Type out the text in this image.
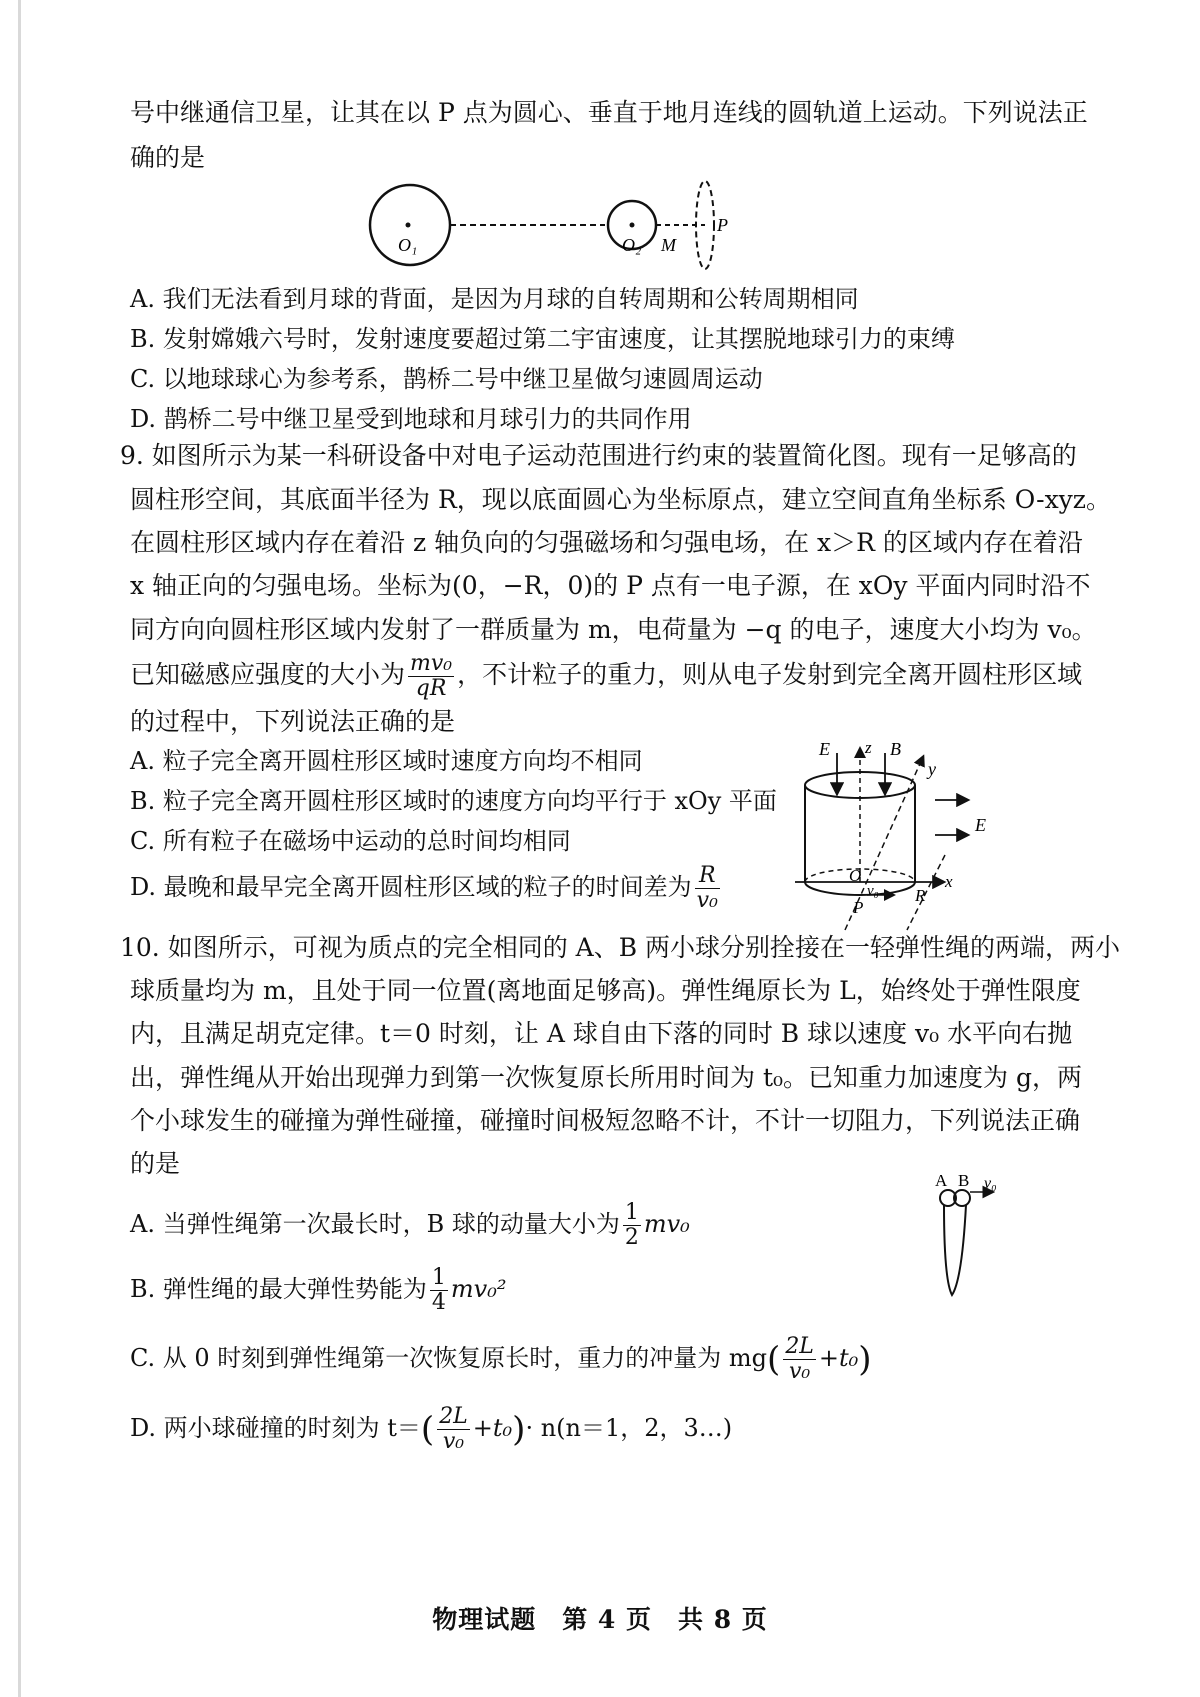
号中继通信卫星，让其在以 P 点为圆心、垂直于地月连线的圆轨道上运动。下列说法正
确的是
O₁	O₂ M
P
A. 我们无法看到月球的背面，是因为月球的自转周期和公转周期相同
B. 发射嫦娥六号时，发射速度要超过第二宇宙速度，让其摆脱地球引力的束缚
C. 以地球球心为参考系，鹊桥二号中继卫星做匀速圆周运动
D. 鹊桥二号中继卫星受到地球和月球引力的共同作用
9. 如图所示为某一科研设备中对电子运动范围进行约束的装置简化图。现有一足够高的
圆柱形空间，其底面半径为 R，现以底面圆心为坐标原点，建立空间直角坐标系 O-xyz。
在圆柱形区域内存在着沿 z 轴负向的匀强磁场和匀强电场，在 x＞R 的区域内存在着沿
x 轴正向的匀强电场。坐标为(0，−R，0)的 P 点有一电子源，在 xOy 平面内同时沿不
同方向向圆柱形区域内发射了一群质量为 m，电荷量为 −q 的电子，速度大小均为 v₀。
已知磁感应强度的大小为 $\frac{\text{mv₀}}{qR}$ ，不计粒子的重力，则从电子发射到完全离开圆柱形区域
的过程中，下列说法正确的是
A. 粒子完全离开圆柱形区域时速度方向均不相同
B. 粒子完全离开圆柱形区域时的速度方向均平行于 xOy 平面
C. 所有粒子在磁场中运动的总时间均相同
D. 最晚和最早完全离开圆柱形区域的粒子的时间差为 $\frac{R}{\text{v₀}}$
E z B
y
E
O
v₀	x
P
R
10. 如图所示，可视为质点的完全相同的 A、B 两小球分别拴接在一轻弹性绳的两端，两小
球质量均为 m，且处于同一位置(离地面足够高)。弹性绳原长为 L，始终处于弹性限度
内，且满足胡克定律。t＝0 时刻，让 A 球自由下落的同时 B 球以速度 v₀ 水平向右抛
出，弹性绳从开始出现弹力到第一次恢复原长所用时间为 t₀。已知重力加速度为 g，两
个小球发生的碰撞为弹性碰撞，碰撞时间极短忽略不计，不计一切阻力，下列说法正确
的是
A. 当弹性绳第一次最长时，B 球的动量大小为 $\frac{1}{2} mv_0$
B. 弹性绳的最大弹性势能为 $\frac{1}{4} mv_0^2$
C. 从 0 时刻到弹性绳第一次恢复原长时，重力的冲量为 $mg( \frac{2L}{\text{v₀}} +t_0)$
D. 两小球碰撞的时刻为 $t=( \frac{2L}{\text{v₀}} +t_0)\cdot n(n=1$，2，3…)
A B v₀
物理试题　第 4 页　共 8 页
